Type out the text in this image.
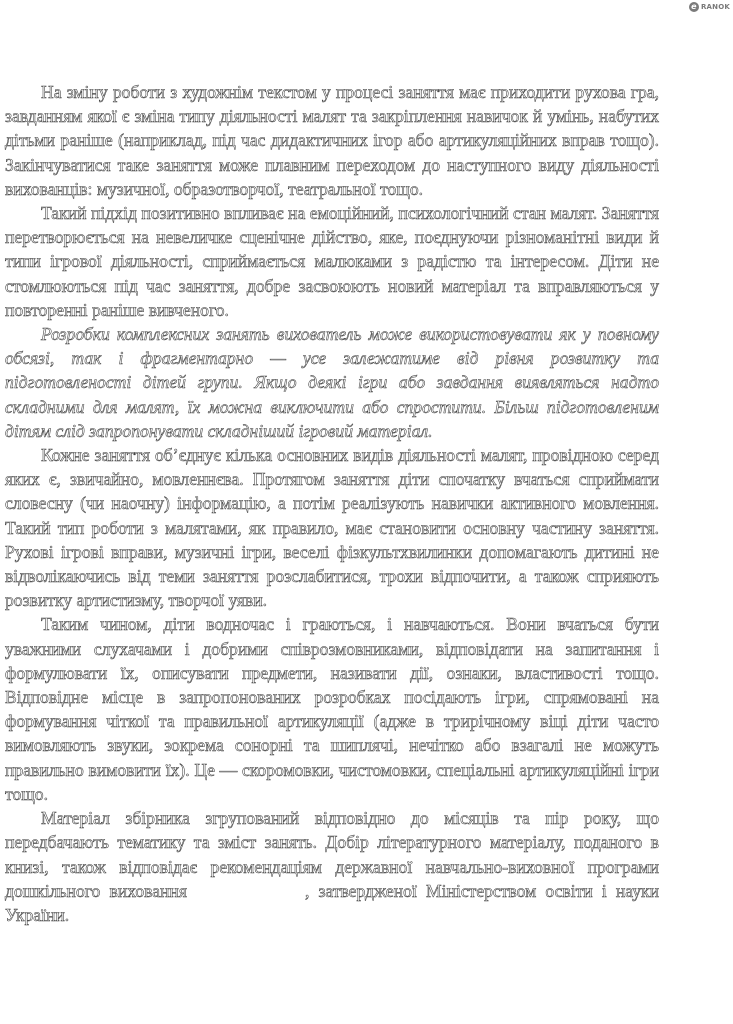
e RANOK

На зміну роботи з художнім текстом у процесі заняття має приходити рухова гра, завданням якої є зміна типу діяльності малят та закріплення навичок й умінь, набутих дітьми раніше (наприклад, під час дидактичних ігор або артикуляційних вправ тощо). Закінчуватися таке заняття може плавним переходом до наступного виду діяльності вихованців: музичної, образотворчої, театральної тощо.

Такий підхід позитивно впливає на емоційний, психологічний стан малят. Заняття перетворюється на невеличке сценічне дійство, яке, поєднуючи різноманітні види й типи ігрової діяльності, сприймається малюками з радістю та інтересом. Діти не стомлюються під час заняття, добре засвоюють новий матеріал та вправляються у повторенні раніше вивченого.

Розробки комплексних занять вихователь може використовувати як у повному обсязі, так і фрагментарно — усе залежатиме від рівня розвитку та підготовленості дітей групи. Якщо деякі ігри або завдання виявляться надто складними для малят, їх можна виключити або спростити. Більш підготовленим дітям слід запропонувати складніший ігровий матеріал.

Кожне заняття об’єднує кілька основних видів діяльності малят, провідною серед яких є, звичайно, мовленнєва. Протягом заняття діти спочатку вчаться сприймати словесну (чи наочну) інформацію, а потім реалізують навички активного мовлення. Такий тип роботи з малятами, як правило, має становити основну частину заняття. Рухові ігрові вправи, музичні ігри, веселі фізкультхвилинки допомагають дитині не відволікаючись від теми заняття розслабитися, трохи відпочити, а також сприяють розвитку артистизму, творчої уяви.

Таким чином, діти водночас і граються, і навчаються. Вони вчаться бути уважними слухачами і добрими співрозмовниками, відповідати на запитання і формулювати їх, описувати предмети, називати дії, ознаки, властивості тощо. Відповідне місце в запропонованих розробках посідають ігри, спрямовані на формування чіткої та правильної артикуляції (адже в трирічному віці діти часто вимовляють звуки, зокрема сонорні та шиплячі, нечітко або взагалі не можуть правильно вимовити їх). Це — скоромовки, чистомовки, спеціальні артикуляційні ігри тощо.

Матеріал збірника згрупований відповідно до місяців та пір року, що передбачають тематику та зміст занять. Добір літературного матеріалу, поданого в книзі, також відповідає рекомендаціям державної навчально-виховної програми дошкільного виховання	, затвердженої Міністерством освіти і науки України.
